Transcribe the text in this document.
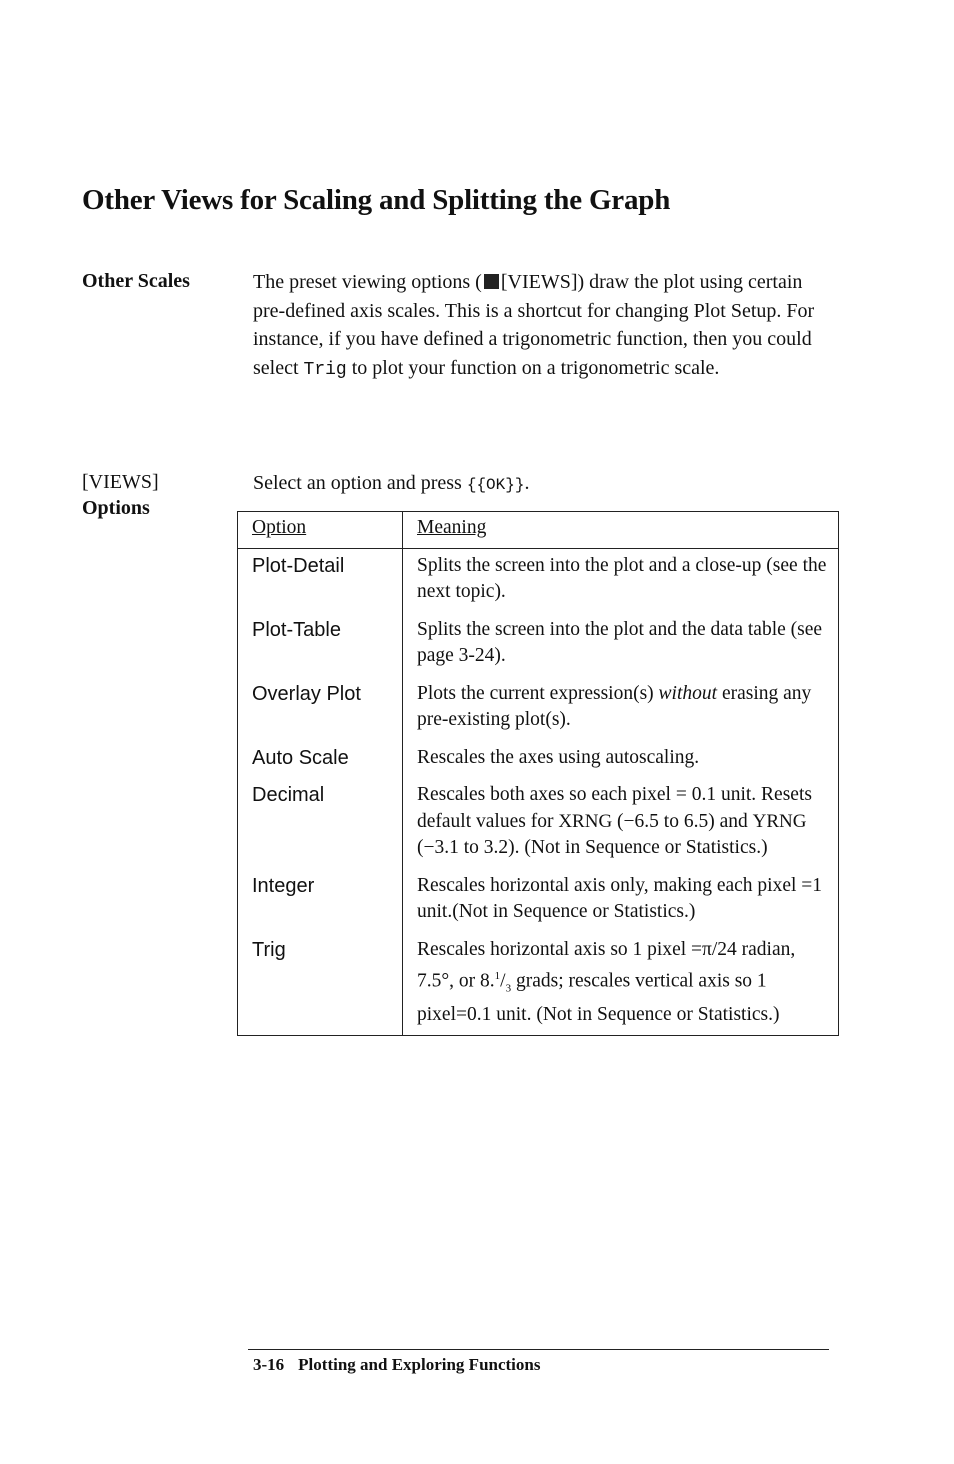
Other Views for Scaling and Splitting the Graph
Other Scales	The preset viewing options ( [VIEWS]) draw the plot using certain pre-defined axis scales. This is a shortcut for changing Plot Setup. For instance, if you have defined a trigonometric function, then you could select Trig to plot your function on a trigonometric scale.
[VIEWS]
Options
Select an option and press {{OK}}.
Option	Meaning
Plot-Detail	Splits the screen into the plot and a close-up (see the next topic).
Plot-Table	Splits the screen into the plot and the data table (see page 3-24).
Overlay Plot	Plots the current expression(s) without erasing any pre-existing plot(s).
Auto Scale	Rescales the axes using autoscaling.
Decimal	Rescales both axes so each pixel = 0.1 unit. Resets default values for XRNG (−6.5 to 6.5) and YRNG (−3.1 to 3.2). (Not in Sequence or Statistics.)
Integer	Rescales horizontal axis only, making each pixel =1 unit.(Not in Sequence or Statistics.)
Trig	Rescales horizontal axis so 1 pixel =π/24 radian, 7.5°, or $8.^1/_3$ grads; rescales vertical axis so 1 pixel=0.1 unit. (Not in Sequence or Statistics.)
3-16 Plotting and Exploring Functions
